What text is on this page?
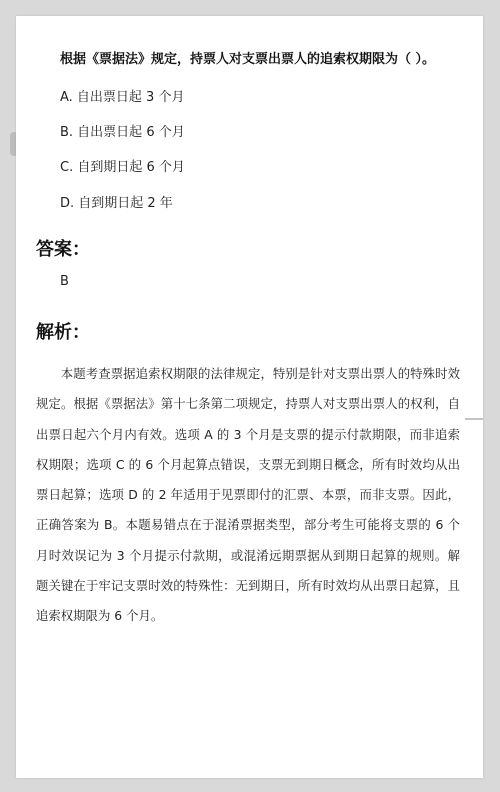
根据《票据法》规定，持票人对支票出票人的追索权期限为（ ）。
A. 自出票日起 3 个月
B. 自出票日起 6 个月
C. 自到期日起 6 个月
D. 自到期日起 2 年
答案：
B
解析：

本题考查票据追索权期限的法律规定，特别是针对支票出票人的特殊时效规定。根据《票据法》第十七条第二项规定，持票人对支票出票人的权利，自出票日起六个月内有效。选项 A 的 3 个月是支票的提示付款期限，而非追索权期限；选项 C 的 6 个月起算点错误，支票无到期日概念，所有时效均从出票日起算；选项 D 的 2 年适用于见票即付的汇票、本票，而非支票。因此，正确答案为 B。本题易错点在于混淆票据类型，部分考生可能将支票的 6 个月时效误记为 3 个月提示付款期，或混淆远期票据从到期日起算的规则。解题关键在于牢记支票时效的特殊性：无到期日，所有时效均从出票日起算，且追索权期限为 6 个月。
